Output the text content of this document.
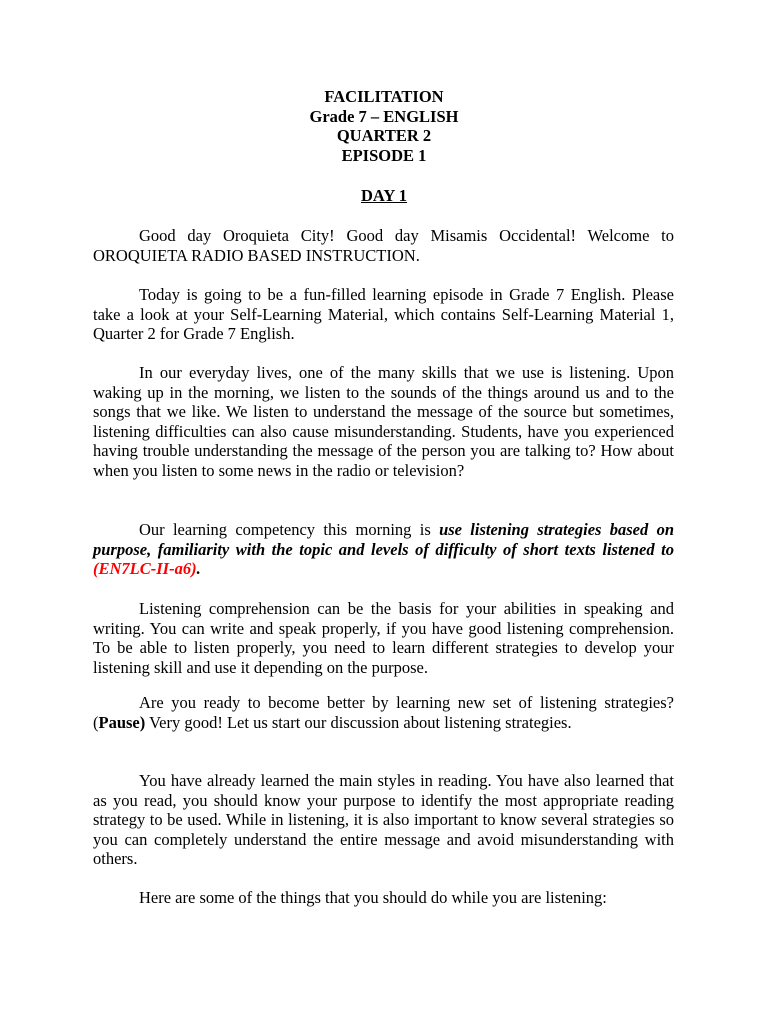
FACILITATION
Grade 7 – ENGLISH
QUARTER 2
EPISODE 1
DAY 1

Good day Oroquieta City! Good day Misamis Occidental! Welcome to OROQUIETA RADIO BASED INSTRUCTION.

Today is going to be a fun-filled learning episode in Grade 7 English. Please take a look at your Self-Learning Material, which contains Self-Learning Material 1, Quarter 2 for Grade 7 English.

In our everyday lives, one of the many skills that we use is listening. Upon waking up in the morning, we listen to the sounds of the things around us and to the songs that we like. We listen to understand the message of the source but sometimes, listening difficulties can also cause misunderstanding. Students, have you experienced having trouble understanding the message of the person you are talking to? How about when you listen to some news in the radio or television?

Our learning competency this morning is use listening strategies based on purpose, familiarity with the topic and levels of difficulty of short texts listened to (EN7LC-II-a6).

Listening comprehension can be the basis for your abilities in speaking and writing. You can write and speak properly, if you have good listening comprehension. To be able to listen properly, you need to learn different strategies to develop your listening skill and use it depending on the purpose.

Are you ready to become better by learning new set of listening strategies? (Pause) Very good! Let us start our discussion about listening strategies.

You have already learned the main styles in reading. You have also learned that as you read, you should know your purpose to identify the most appropriate reading strategy to be used. While in listening, it is also important to know several strategies so you can completely understand the entire message and avoid misunderstanding with others.

Here are some of the things that you should do while you are listening:
